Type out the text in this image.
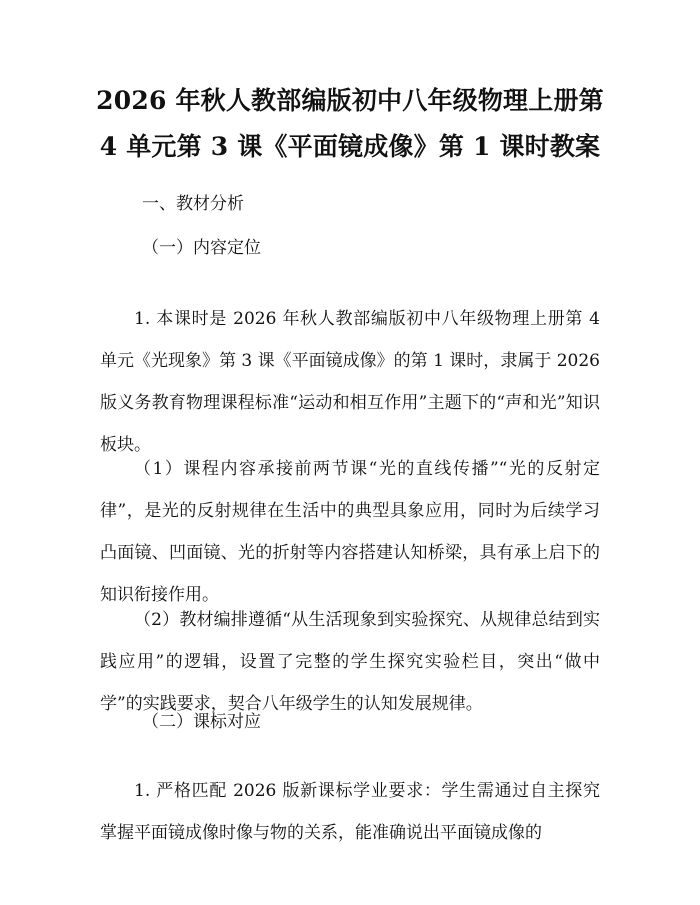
2026 年秋人教部编版初中八年级物理上册第
4 单元第 3 课《平面镜成像》第 1 课时教案
一、教材分析
（一）内容定位

1. 本课时是 2026 年秋人教部编版初中八年级物理上册第 4 单元《光现象》第 3 课《平面镜成像》的第 1 课时，隶属于 2026 版义务教育物理课程标准“运动和相互作用”主题下的“声和光”知识板块。

（1）课程内容承接前两节课“光的直线传播”“光的反射定律”，是光的反射规律在生活中的典型具象应用，同时为后续学习凸面镜、凹面镜、光的折射等内容搭建认知桥梁，具有承上启下的知识衔接作用。

（2）教材编排遵循“从生活现象到实验探究、从规律总结到实践应用”的逻辑，设置了完整的学生探究实验栏目，突出“做中学”的实践要求，契合八年级学生的认知发展规律。

（二）课标对应

1. 严格匹配 2026 版新课标学业要求：学生需通过自主探究掌握平面镜成像时像与物的关系，能准确说出平面镜成像的
